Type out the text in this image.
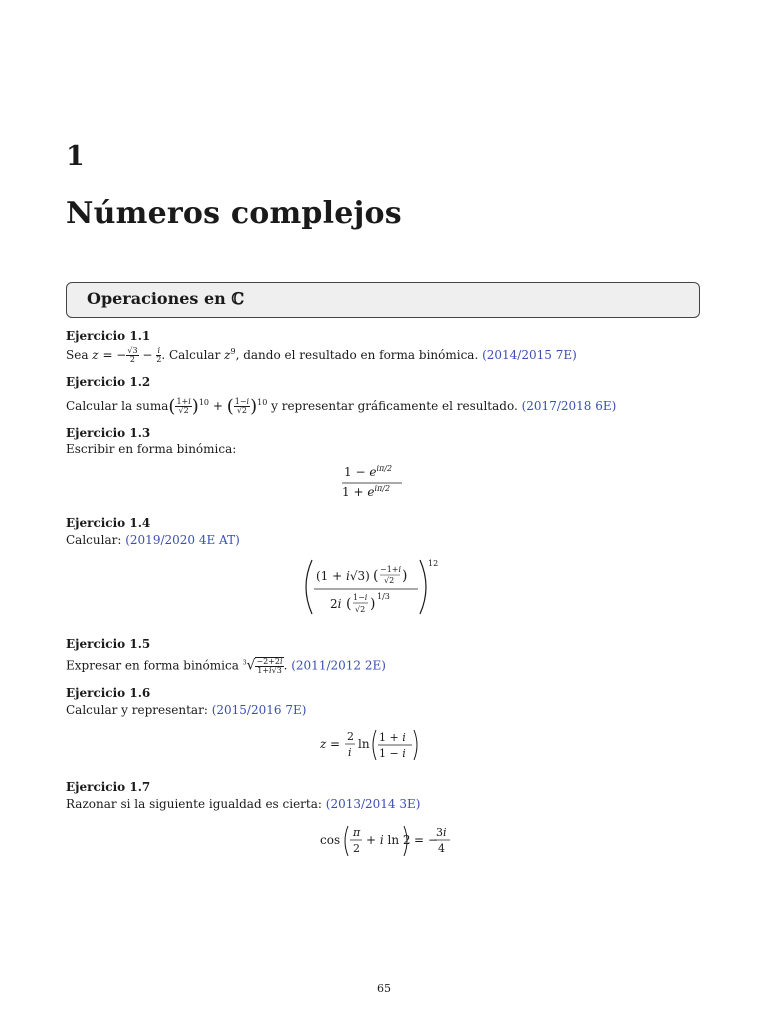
1
Números complejos
Operaciones en ℂ
Ejercicio 1.1
Sea z = − $\frac{√3}{2} - \frac{i}{2}$ . Calcular $z^9$, dando el resultado en forma binómica. (2014/2015 7E)
Ejercicio 1.2
Calcular la suma( $\frac{1+i}{√2} )^{10}$ + ( $\frac{1-i}{√2} )^{10}$ y representar gráficamente el resultado. (2017/2018 6E)
Ejercicio 1.3
Escribir en forma binómica:
$1 - e^{i\pi/2}$
$1 + e^{i\pi/2}$
Ejercicio 1.4
Calcular: (2019/2020 4E AT)
12
(1 + i√3) ( −1+i
√2 )
2i ( 1−i
√2 ) 1/3
Ejercicio 1.5
Expresar en forma binómica $^3√ \frac{-2+2i}{1+i√3}$ . (2011/2012 2E)
Ejercicio 1.6
Calcular y representar: (2015/2016 7E)
z =
2
i
ln 1 + i
1 − i
Ejercicio 1.7
Razonar si la siguiente igualdad es cierta: (2013/2014 3E)
cos
π
2
+ i ln 2 = −
3i
4
65
